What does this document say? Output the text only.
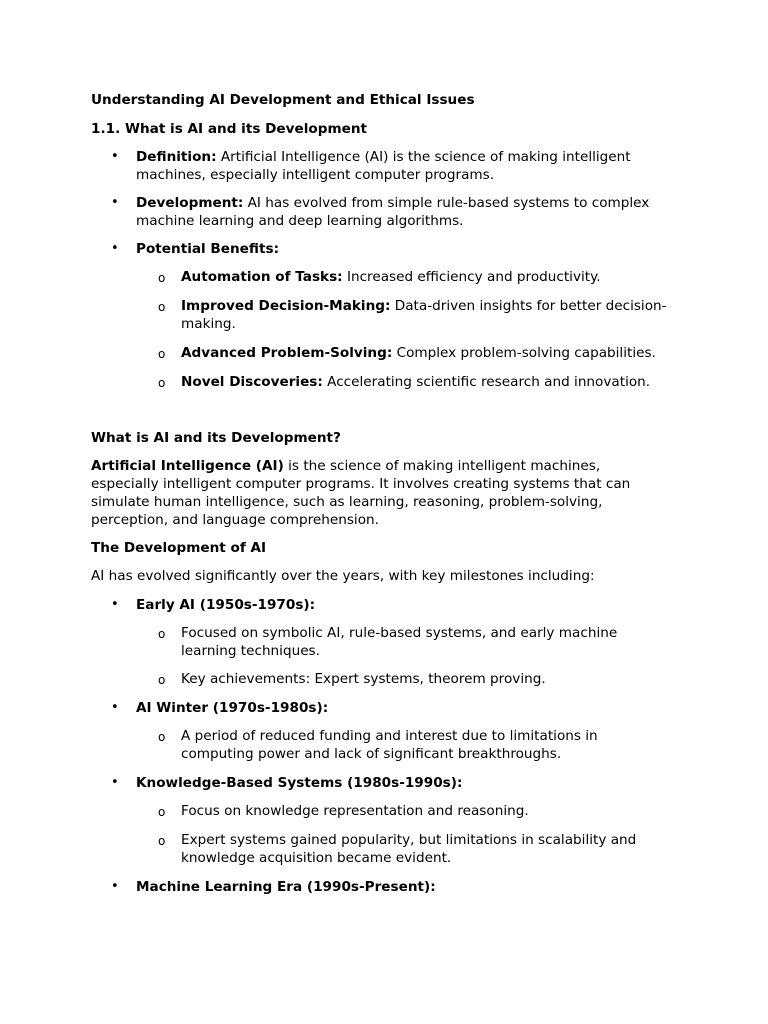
Understanding AI Development and Ethical Issues
1.1. What is AI and its Development
• Definition: Artificial Intelligence (AI) is the science of making intelligent machines, especially intelligent computer programs.
• Development: AI has evolved from simple rule-based systems to complex machine learning and deep learning algorithms.
• Potential Benefits:
o Automation of Tasks: Increased efficiency and productivity.
o Improved Decision-Making: Data-driven insights for better decision-making.
o Advanced Problem-Solving: Complex problem-solving capabilities.
o Novel Discoveries: Accelerating scientific research and innovation.
What is AI and its Development?
Artificial Intelligence (AI) is the science of making intelligent machines, especially intelligent computer programs. It involves creating systems that can simulate human intelligence, such as learning, reasoning, problem-solving, perception, and language comprehension.
The Development of AI
AI has evolved significantly over the years, with key milestones including:
• Early AI (1950s-1970s):
o Focused on symbolic AI, rule-based systems, and early machine learning techniques.
o Key achievements: Expert systems, theorem proving.
• AI Winter (1970s-1980s):
o A period of reduced funding and interest due to limitations in computing power and lack of significant breakthroughs.
• Knowledge-Based Systems (1980s-1990s):
o Focus on knowledge representation and reasoning.
o Expert systems gained popularity, but limitations in scalability and knowledge acquisition became evident.
• Machine Learning Era (1990s-Present):
